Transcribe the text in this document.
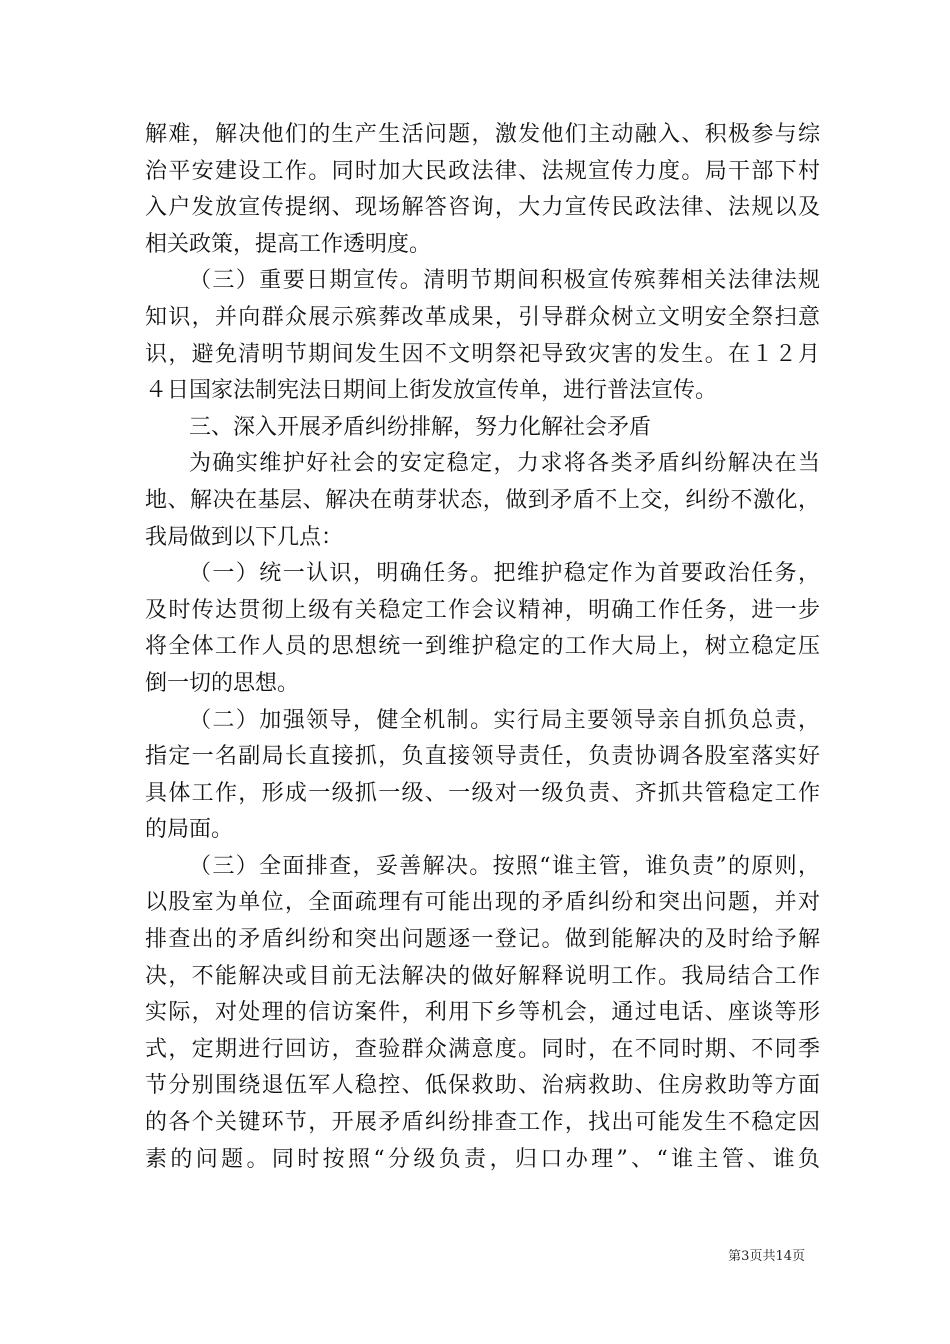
解难，解决他们的生产生活问题，激发他们主动融入、积极参与综
治平安建设工作。同时加大民政法律、法规宣传力度。局干部下村
入户发放宣传提纲、现场解答咨询，大力宣传民政法律、法规以及
相关政策，提高工作透明度。
（三）重要日期宣传。清明节期间积极宣传殡葬相关法律法规
知识，并向群众展示殡葬改革成果，引导群众树立文明安全祭扫意
识，避免清明节期间发生因不文明祭祀导致灾害的发生。在１２月
４日国家法制宪法日期间上街发放宣传单，进行普法宣传。
三、深入开展矛盾纠纷排解，努力化解社会矛盾
为确实维护好社会的安定稳定，力求将各类矛盾纠纷解决在当
地、解决在基层、解决在萌芽状态，做到矛盾不上交，纠纷不激化，
我局做到以下几点：
（一）统一认识，明确任务。把维护稳定作为首要政治任务，
及时传达贯彻上级有关稳定工作会议精神，明确工作任务，进一步
将全体工作人员的思想统一到维护稳定的工作大局上，树立稳定压
倒一切的思想。
（二）加强领导，健全机制。实行局主要领导亲自抓负总责，
指定一名副局长直接抓，负直接领导责任，负责协调各股室落实好
具体工作，形成一级抓一级、一级对一级负责、齐抓共管稳定工作
的局面。
（三）全面排查，妥善解决。按照“谁主管，谁负责”的原则，
以股室为单位，全面疏理有可能出现的矛盾纠纷和突出问题，并对
排查出的矛盾纠纷和突出问题逐一登记。做到能解决的及时给予解
决，不能解决或目前无法解决的做好解释说明工作。我局结合工作
实际，对处理的信访案件，利用下乡等机会，通过电话、座谈等形
式，定期进行回访，查验群众满意度。同时，在不同时期、不同季
节分别围绕退伍军人稳控、低保救助、治病救助、住房救助等方面
的各个关键环节，开展矛盾纠纷排查工作，找出可能发生不稳定因
素的问题。同时按照“分级负责，归口办理”、“谁主管、谁负
第3页共14页
